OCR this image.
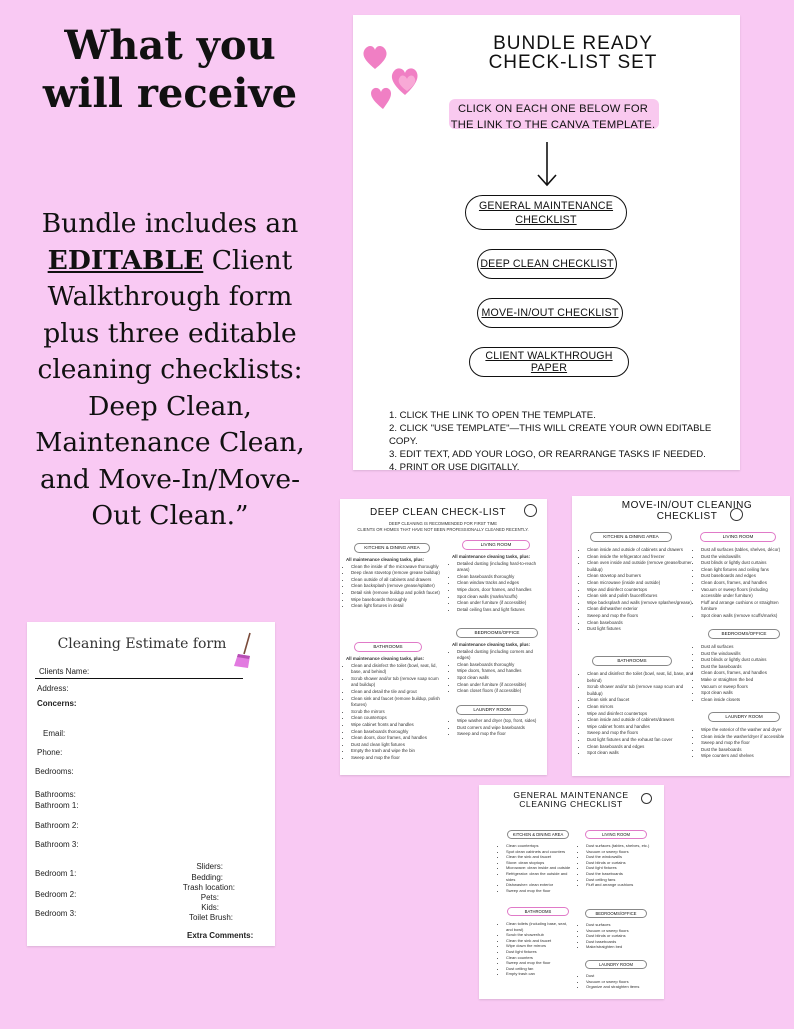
What you
will receive
Bundle includes an
EDITABLE Client
Walkthrough form
plus three editable
cleaning checklists:
Deep Clean,
Maintenance Clean,
and Move-In/Move-
Out Clean.”
BUNDLE READY
CHECK-LIST SET
CLICK ON EACH ONE BELOW FOR
THE LINK TO THE CANVA TEMPLATE.
GENERAL MAINTENANCE
CHECKLIST
DEEP CLEAN CHECKLIST
MOVE-IN/OUT CHECKLIST
CLIENT WALKTHROUGH PAPER
1. CLICK THE LINK TO OPEN THE TEMPLATE.
2. CLICK "USE TEMPLATE"—THIS WILL CREATE YOUR OWN EDITABLE COPY.
3. EDIT TEXT, ADD YOUR LOGO, OR REARRANGE TASKS IF NEEDED.
4. PRINT OR USE DIGITALLY.
DEEP CLEAN CHECK-LIST
DEEP CLEANING IS RECOMMENDED FOR FIRST TIME
CLIENTS OR HOMES THAT HAVE NOT BEEN PROFESSIONALLY CLEANED RECENTLY.
KITCHEN & DINING AREA
LIVING ROOM
All maintenance cleaning tasks, plus:
• Clean the inside of the microwave thoroughly
• Deep clean stovetop (remove grease buildup)
• Clean outside of all cabinets and drawers
• Clean backsplash (remove grease/splatter)
• Detail sink (remove buildup and polish faucet)
• Wipe baseboards thoroughly
• Clean light fixtures in detail
All maintenance cleaning tasks, plus:
• Detailed dusting (including hard-to-reach areas)
• Clean baseboards thoroughly
• Clean window tracks and edges
• Wipe doors, door frames, and handles
• Spot clean walls (marks/scuffs)
• Clean under furniture (if accessible)
• Detail ceiling fans and light fixtures
BEDROOMS/OFFICE
All maintenance cleaning tasks, plus:
• Detailed dusting (including corners and edges)
• Clean baseboards thoroughly
• Wipe doors, frames, and handles
• Spot clean walls
• Clean under furniture (if accessible)
• Clean closet floors (if accessible)
BATHROOMS
All maintenance cleaning tasks, plus:
• Clean and disinfect the toilet (bowl, seat, lid, base, and behind)
• Scrub shower and/or tub (remove soap scum and buildup)
• Clean and detail the tile and grout
• Clean sink and faucet (remove buildup, polish fixtures)
• Scrub the mirrors
• Clean countertops
• Wipe cabinet fronts and handles
• Clean baseboards thoroughly
• Clean doors, door frames, and handles
• Dust and clean light fixtures
• Empty the trash and wipe the bin
• Sweep and mop the floor
LAUNDRY ROOM
• Wipe washer and dryer (top, front, sides)
• Dust corners and wipe baseboards
• Sweep and mop the floor
MOVE-IN/OUT CLEANING
CHECKLIST
KITCHEN & DINING AREA	LIVING ROOM
• Clean inside and outside of cabinets and drawers
• Clean inside the refrigerator and freezer
• Clean oven inside and outside (remove grease/burner buildup)
• Clean stovetop and burners
• Clean microwave (inside and outside)
• Wipe and disinfect countertops
• Clean sink and polish faucet/fixtures
• Wipe backsplash and walls (remove splashes/grease)
• Clean dishwasher exterior
• Sweep and mop the floors
• Clean baseboards
• Dust light fixtures
• Dust all surfaces (tables, shelves, décor)
• Dust the windowsills
• Dust blinds or lightly dust curtains
• Clean light fixtures and ceiling fans
• Dust baseboards and edges
• Clean doors, frames, and handles
• Vacuum or sweep floors (including accessible under furniture)
• Fluff and arrange cushions or straighten furniture
• Spot clean walls (remove scuffs/marks)
BEDROOMS/OFFICE
• Dust all surfaces
• Dust the windowsills
• Dust blinds or lightly dust curtains
• Dust the baseboards
• Clean doors, frames, and handles
• Make or straighten the bed
• Vacuum or sweep floors
• Spot clean walls
• Clean inside closets
BATHROOMS
• Clean and disinfect the toilet (bowl, seat, lid, base, and behind)
• Scrub shower and/or tub (remove soap scum and buildup)
• Clean sink and faucet
• Clean mirrors
• Wipe and disinfect countertops
• Clean inside and outside of cabinets/drawers
• Wipe cabinet fronts and handles
• Sweep and mop the floors
• Dust light fixtures and the exhaust fan cover
• Clean baseboards and edges
• Spot clean walls
LAUNDRY ROOM
• Wipe the exterior of the washer and dryer
• Clean inside the washer/dryer if accessible
• Sweep and mop the floor
• Dust the baseboards
• Wipe counters and shelves
GENERAL MAINTENANCE
CLEANING CHECKLIST
KITCHEN & DINING AREA	LIVING ROOM
• Clean countertops
• Spot clean cabinets and counters
• Clean the sink and faucet
• Stove: clean stoptops
• Microwave: clean inside and outside
• Refrigerator: clean the outside and sides
• Dishwasher: clean exterior
• Sweep and mop the floor
• Dust surfaces (tables, shelves, etc.)
• Vacuum or sweep floors
• Dust the windowsills
• Dust blinds or curtains
• Dust light fixtures
• Dust the baseboards
• Dust ceiling fans
• Fluff and arrange cushions
BATHROOMS	BEDROOMS/OFFICE
• Clean toilets (including base, seat, and bowl)
• Scrub the shower/tub
• Clean the sink and faucet
• Wipe down the mirrors
• Dust light fixtures
• Clean counters
• Sweep and mop the floor
• Dust ceiling fan
• Empty trash can
• Dust surfaces
• Vacuum or sweep floors
• Dust blinds or curtains
• Dust baseboards
• Make/straighten bed
LAUNDRY ROOM
• Dust
• Vacuum or sweep floors
• Organize and straighten items
Cleaning Estimate form
Clients Name:
Address:
Concerns:
Email:
Phone:
Bedrooms:
Bathrooms:
Bathroom 1:
Bathroom 2:
Bathroom 3:
Bedroom 1:
Bedroom 2:
Bedroom 3:
Sliders:
Bedding:
Trash location:
Pets:
Kids:
Toilet Brush:
Extra Comments:
